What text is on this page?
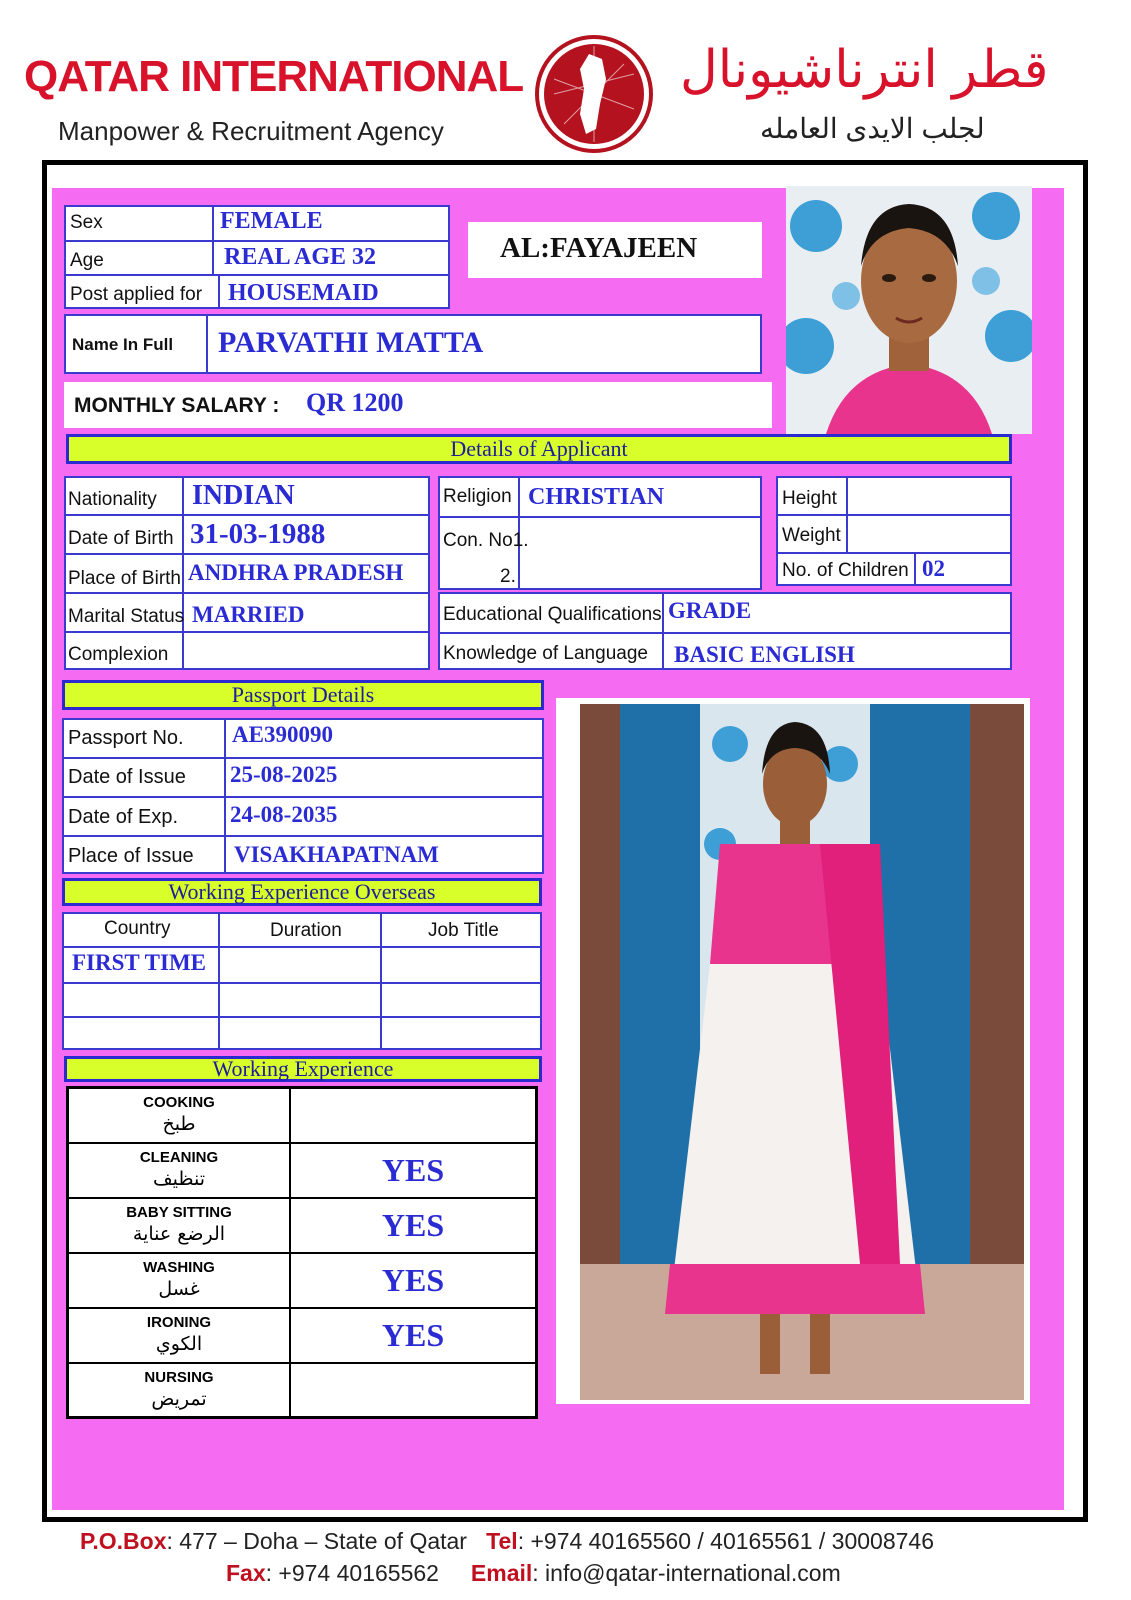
QATAR INTERNATIONAL
Manpower & Recruitment Agency
قطر انترناشيونال
لجلب الايدى العامله
Sex	FEMALE
Age	REAL AGE 32
Post applied for HOUSEMAID
AL:FAYAJEEN
Name In Full PARVATHI MATTA
MONTHLY SALARY : QR 1200
Details of Applicant
Nationality INDIAN
Date of Birth 31-03-1988
Place of Birth ANDHRA PRADESH
Marital Status MARRIED
Complexion
Religion CHRISTIAN
Con. No1.
2.
Height
Weight
No. of Children 02
Educational Qualifications GRADE
Knowledge of Language BASIC ENGLISH
Passport Details
Passport No. AE390090
Date of Issue 25-08-2025
Date of Exp. 24-08-2035
Place of Issue VISAKHAPATNAM
Working Experience Overseas
Country	Duration	Job Title
FIRST TIME
Working Experience
COOKING
طبخ	

CLEANING
تنظيف	YES

BABY SITTING
الرضع عناية	YES

WASHING
غسل	YES

IRONING
الكوي	YES

NURSING
تمريض	

P.O.Box: 477 – Doha – State of Qatar Tel: +974 40165560 / 40165561 / 30008746
Fax: +974 40165562 Email: info@qatar-international.com
